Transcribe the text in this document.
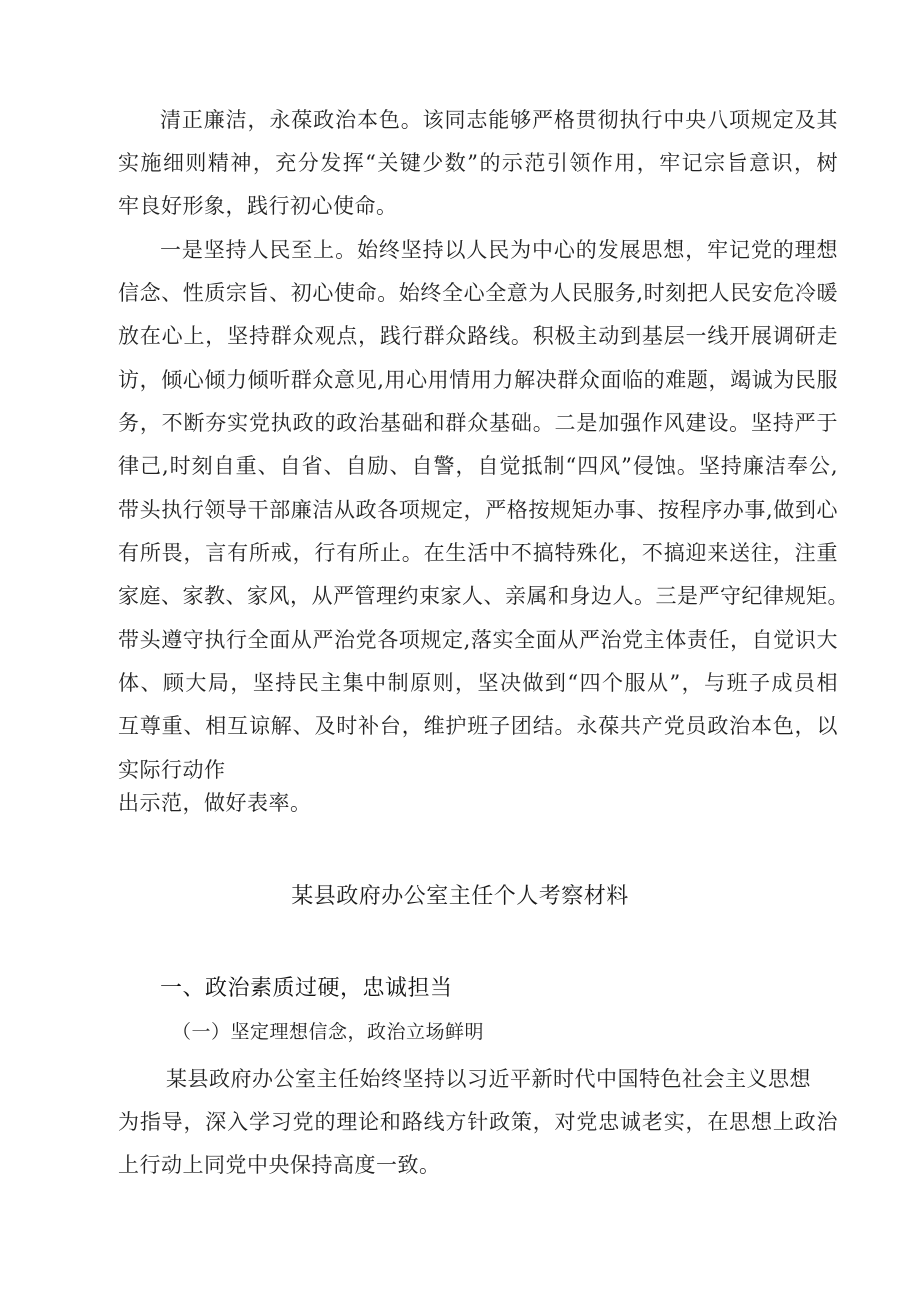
清正廉洁，永葆政治本色。该同志能够严格贯彻执行中央八项规定及其
实施细则精神，充分发挥“关键少数”的示范引领作用，牢记宗旨意识，树
牢良好形象，践行初心使命。
一是坚持人民至上。始终坚持以人民为中心的发展思想，牢记党的理想
信念、性质宗旨、初心使命。始终全心全意为人民服务,时刻把人民安危冷暖
放在心上，坚持群众观点，践行群众路线。积极主动到基层一线开展调研走
访，倾心倾力倾听群众意见,用心用情用力解决群众面临的难题，竭诚为民服
务，不断夯实党执政的政治基础和群众基础。二是加强作风建设。坚持严于
律己,时刻自重、自省、自励、自警，自觉抵制“四风”侵蚀。坚持廉洁奉公,
带头执行领导干部廉洁从政各项规定，严格按规矩办事、按程序办事,做到心
有所畏，言有所戒，行有所止。在生活中不搞特殊化，不搞迎来送往，注重
家庭、家教、家风，从严管理约束家人、亲属和身边人。三是严守纪律规矩。
带头遵守执行全面从严治党各项规定,落实全面从严治党主体责任，自觉识大
体、顾大局，坚持民主集中制原则，坚决做到“四个服从”，与班子成员相
互尊重、相互谅解、及时补台，维护班子团结。永葆共产党员政治本色，以
实际行动作
出示范，做好表率。
某县政府办公室主任个人考察材料
一、政治素质过硬，忠诚担当
（一）坚定理想信念，政治立场鲜明
某县政府办公室主任始终坚持以习近平新时代中国特色社会主义思想
为指导，深入学习党的理论和路线方针政策，对党忠诚老实，在思想上政治
上行动上同党中央保持高度一致。
